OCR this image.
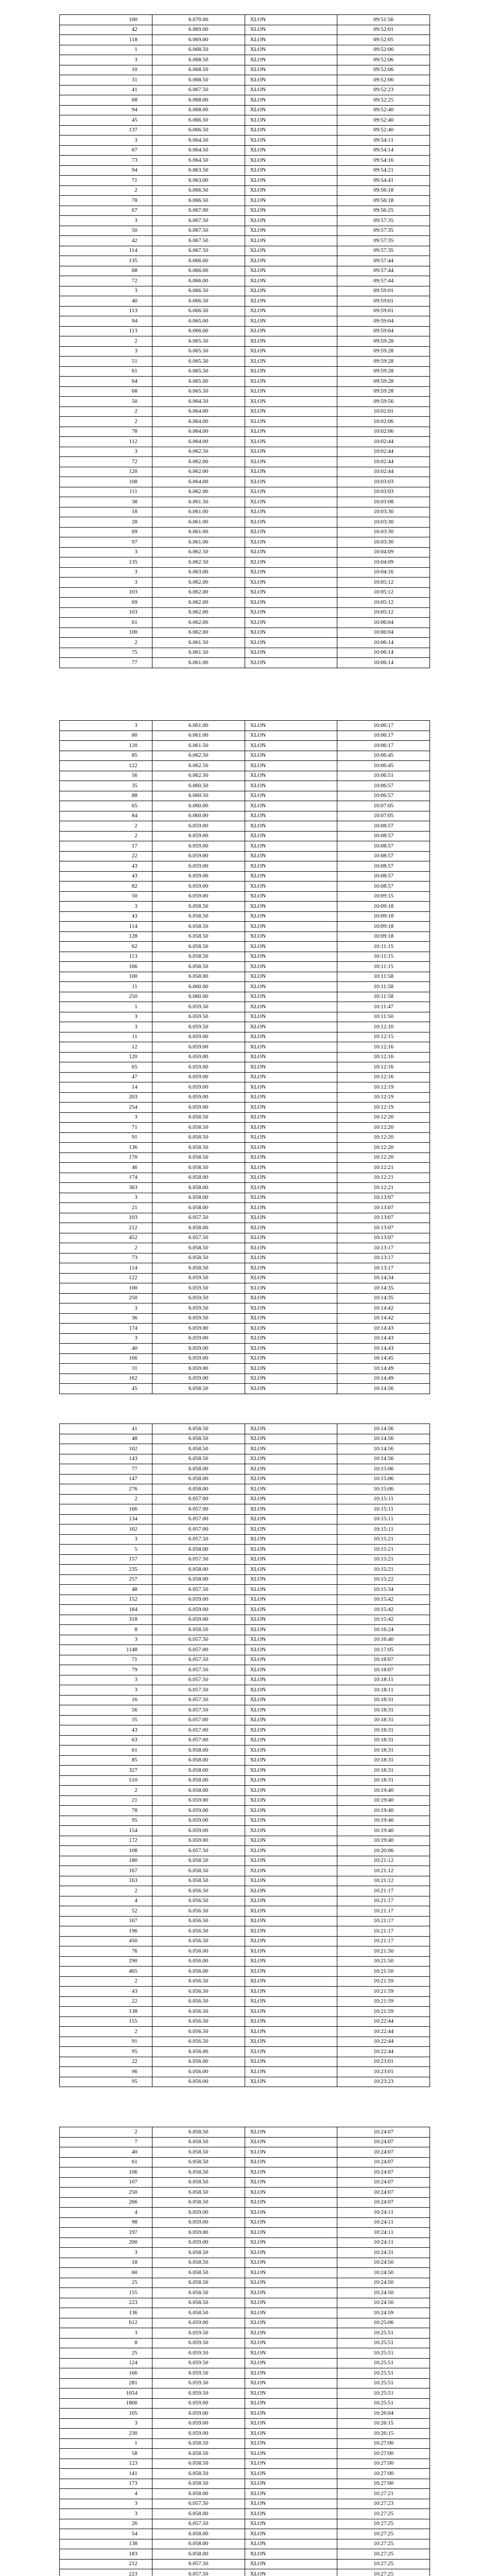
100	6.070.00	XLON	09:51:56
42	6.069.00	XLON	09:52:01
118	6.069.00	XLON	09:52:05
1	6.068.50	XLON	09:52:06
3	6.068.50	XLON	09:52:06
10	6.068.50	XLON	09:52:06
31	6.068.50	XLON	09:52:06
41	6.067.50	XLON	09:52:23
68	6.068.00	XLON	09:52:25
94	6.068.00	XLON	09:52:40
45	6.066.50	XLON	09:52:40
137	6.066.50	XLON	09:52:40
3	6.064.50	XLON	09:54:11
67	6.064.50	XLON	09:54:14
73	6.064.50	XLON	09:54:16
94	6.063.50	XLON	09:54:21
71	6.063.00	XLON	09:54:41
2	6.066.50	XLON	09:56:18
78	6.066.50	XLON	09:56:18
67	6.067.00	XLON	09:56:25
3	6.067.50	XLON	09:57:35
50	6.067.50	XLON	09:57:35
42	6.067.50	XLON	09:57:35
114	6.067.50	XLON	09:57:35
135	6.066.00	XLON	09:57:44
68	6.066.00	XLON	09:57:44
72	6.066.00	XLON	09:57:44
3	6.066.50	XLON	09:59:01
40	6.066.50	XLON	09:59:01
113	6.066.50	XLON	09:59:01
94	6.065.00	XLON	09:59:04
113	6.066.00	XLON	09:59:04
2	6.065.50	XLON	09:59:28
3	6.065.50	XLON	09:59:28
51	6.065.50	XLON	09:59:28
61	6.065.50	XLON	09:59:28
64	6.065.00	XLON	09:59:28
68	6.065.50	XLON	09:59:28
50	6.064.50	XLON	09:59:56
2	6.064.00	XLON	10:02:01
2	6.064.00	XLON	10:02:06
78	6.064.00	XLON	10:02:06
112	6.064.00	XLON	10:02:44
3	6.062.50	XLON	10:02:44
72	6.062.00	XLON	10:02:44
120	6.062.00	XLON	10:02:44
108	6.064.00	XLON	10:03:03
111	6.062.00	XLON	10:03:03
38	6.061.50	XLON	10:03:08
18	6.061.00	XLON	10:03:30
28	6.061.00	XLON	10:03:30
69	6.061.00	XLON	10:03:30
97	6.061.00	XLON	10:03:30
3	6.062.50	XLON	10:04:09
135	6.062.50	XLON	10:04:09
3	6.063.00	XLON	10:04:16
3	6.062.00	XLON	10:05:12
103	6.062.00	XLON	10:05:12
69	6.062.00	XLON	10:05:12
103	6.062.00	XLON	10:05:12
61	6.062.00	XLON	10:06:04
100	6.062.00	XLON	10:06:04
2	6.061.50	XLON	10:06:14
75	6.061.50	XLON	10:06:14
77	6.061.00	XLON	10:06:14
3	6.061.00	XLON	10:06:17
80	6.061.00	XLON	10:06:17
120	6.061.50	XLON	10:06:17
85	6.062.50	XLON	10:06:45
122	6.062.50	XLON	10:06:45
56	6.062.50	XLON	10:06:51
35	6.060.50	XLON	10:06:57
88	6.060.50	XLON	10:06:57
65	6.060.00	XLON	10:07:05
84	6.060.00	XLON	10:07:05
2	6.059.00	XLON	10:08:57
2	6.059.00	XLON	10:08:57
17	6.059.00	XLON	10:08:57
22	6.059.00	XLON	10:08:57
43	6.059.00	XLON	10:08:57
43	6.059.00	XLON	10:08:57
82	6.059.00	XLON	10:08:57
50	6.059.00	XLON	10:09:15
3	6.058.50	XLON	10:09:18
43	6.058.50	XLON	10:09:18
114	6.058.50	XLON	10:09:18
128	6.058.50	XLON	10:09:18
62	6.058.50	XLON	10:11:15
113	6.058.50	XLON	10:11:15
166	6.058.50	XLON	10:11:15
100	6.058.00	XLON	10:11:58
11	6.060.00	XLON	10:11:58
250	6.060.00	XLON	10:11:58
1	6.059.50	XLON	10:11:47
3	6.059.50	XLON	10:11:50
3	6.059.50	XLON	10:12:10
11	6.059.00	XLON	10:12:15
12	6.059.00	XLON	10:12:16
120	6.059.00	XLON	10:12:16
65	6.059.00	XLON	10:12:16
47	6.059.00	XLON	10:12:16
14	6.059.00	XLON	10:12:19
203	6.059.00	XLON	10:12:19
254	6.059.00	XLON	10:12:19
3	6.058.50	XLON	10:12:20
71	6.058.50	XLON	10:12:20
91	6.058.50	XLON	10:12:20
136	6.058.50	XLON	10:12:20
170	6.058.50	XLON	10:12:20
46	6.058.50	XLON	10:12:21
174	6.058.00	XLON	10:12:21
363	6.058.00	XLON	10:12:21
3	6.058.00	XLON	10:13:07
21	6.058.00	XLON	10:13:07
103	6.057.50	XLON	10:13:07
212	6.058.00	XLON	10:13:07
452	6.057.50	XLON	10:13:07
2	6.058.50	XLON	10:13:17
73	6.058.50	XLON	10:13:17
114	6.058.50	XLON	10:13:17
122	6.059.50	XLON	10:14:34
100	6.059.50	XLON	10:14:35
250	6.059.50	XLON	10:14:35
3	6.059.50	XLON	10:14:42
36	6.059.50	XLON	10:14:42
174	6.059.00	XLON	10:14:43
3	6.059.00	XLON	10:14:43
40	6.059.00	XLON	10:14:43
166	6.059.00	XLON	10:14:45
31	6.059.00	XLON	10:14:49
162	6.059.00	XLON	10:14:49
45	6.058.50	XLON	10:14:56
41	6.058.50	XLON	10:14:56
48	6.058.50	XLON	10:14:56
102	6.058.50	XLON	10:14:56
143	6.058.50	XLON	10:14:56
77	6.058.00	XLON	10:15:06
147	6.058.00	XLON	10:15:06
276	6.058.00	XLON	10:15:06
2	6.057.00	XLON	10:15:11
166	6.057.00	XLON	10:15:11
134	6.057.00	XLON	10:15:11
162	6.057.00	XLON	10:15:11
3	6.057.50	XLON	10:15:21
5	6.058.00	XLON	10:15:21
157	6.057.50	XLON	10:15:21
235	6.058.00	XLON	10:15:21
257	6.058.00	XLON	10:15:22
48	6.057.50	XLON	10:15:34
152	6.059.00	XLON	10:15:42
184	6.059.00	XLON	10:15:42
318	6.059.00	XLON	10:15:42
8	6.058.50	XLON	10:16:24
3	6.057.50	XLON	10:16:40
1148	6.057.00	XLON	10:17:05
71	6.057.50	XLON	10:18:07
79	6.057.50	XLON	10:18:07
3	6.057.50	XLON	10:18:11
3	6.057.50	XLON	10:18:11
16	6.057.50	XLON	10:18:31
56	6.057.50	XLON	10:18:31
35	6.057.00	XLON	10:18:31
43	6.057.00	XLON	10:18:31
63	6.057.00	XLON	10:18:31
61	6.058.00	XLON	10:18:31
85	6.058.00	XLON	10:18:31
327	6.058.00	XLON	10:18:31
510	6.058.00	XLON	10:18:31
2	6.058.00	XLON	10:19:40
21	6.059.00	XLON	10:19:40
78	6.059.00	XLON	10:19:40
95	6.059.00	XLON	10:19:40
154	6.059.00	XLON	10:19:40
172	6.059.00	XLON	10:19:40
108	6.057.50	XLON	10:20:06
180	6.058.50	XLON	10:21:12
167	6.058.50	XLON	10:21:12
163	6.058.50	XLON	10:21:12
2	6.056.50	XLON	10:21:17
4	6.056.50	XLON	10:21:17
52	6.056.50	XLON	10:21:17
167	6.056.50	XLON	10:21:17
196	6.056.50	XLON	10:21:17
450	6.056.50	XLON	10:21:17
76	6.056.00	XLON	10:21:50
290	6.056.00	XLON	10:21:50
465	6.056.00	XLON	10:21:50
2	6.056.50	XLON	10:21:59
43	6.056.50	XLON	10:21:59
22	6.056.50	XLON	10:21:59
138	6.056.50	XLON	10:21:59
155	6.056.50	XLON	10:22:44
2	6.056.50	XLON	10:22:44
91	6.056.50	XLON	10:22:44
95	6.056.00	XLON	10:22:44
22	6.056.00	XLON	10:23:01
96	6.056.00	XLON	10:23:01
95	6.056.00	XLON	10:23:23
2	6.058.50	XLON	10:24:07
7	6.058.50	XLON	10:24:07
40	6.058.50	XLON	10:24:07
61	6.058.50	XLON	10:24:07
106	6.058.50	XLON	10:24:07
107	6.058.50	XLON	10:24:07
250	6.058.50	XLON	10:24:07
266	6.058.50	XLON	10:24:07
4	6.059.00	XLON	10:24:11
98	6.059.00	XLON	10:24:11
197	6.059.00	XLON	10:24:11
200	6.059.00	XLON	10:24:11
3	6.058.50	XLON	10:24:31
18	6.058.50	XLON	10:24:50
60	6.058.50	XLON	10:24:50
25	6.058.50	XLON	10:24:50
155	6.058.50	XLON	10:24:50
223	6.058.50	XLON	10:24:50
136	6.058.50	XLON	10:24:59
612	6.059.00	XLON	10:25:06
3	6.059.50	XLON	10:25:51
8	6.059.50	XLON	10:25:51
25	6.059.50	XLON	10:25:51
124	6.059.50	XLON	10:25:51
166	6.059.50	XLON	10:25:51
281	6.059.50	XLON	10:25:51
1054	6.059.50	XLON	10:25:51
1800	6.059.00	XLON	10:25:51
105	6.059.00	XLON	10:26:04
3	6.059.00	XLON	10:26:15
230	6.059.00	XLON	10:26:15
1	6.058.50	XLON	10:27:00
58	6.058.50	XLON	10:27:00
123	6.058.50	XLON	10:27:00
141	6.058.50	XLON	10:27:00
173	6.058.50	XLON	10:27:00
4	6.058.00	XLON	10:27:21
3	6.057.50	XLON	10:27:23
3	6.058.00	XLON	10:27:25
26	6.057.50	XLON	10:27:25
54	6.058.00	XLON	10:27:25
138	6.058.00	XLON	10:27:25
183	6.058.00	XLON	10:27:25
212	6.057.50	XLON	10:27:25
223	6.057.50	XLON	10:27:25
